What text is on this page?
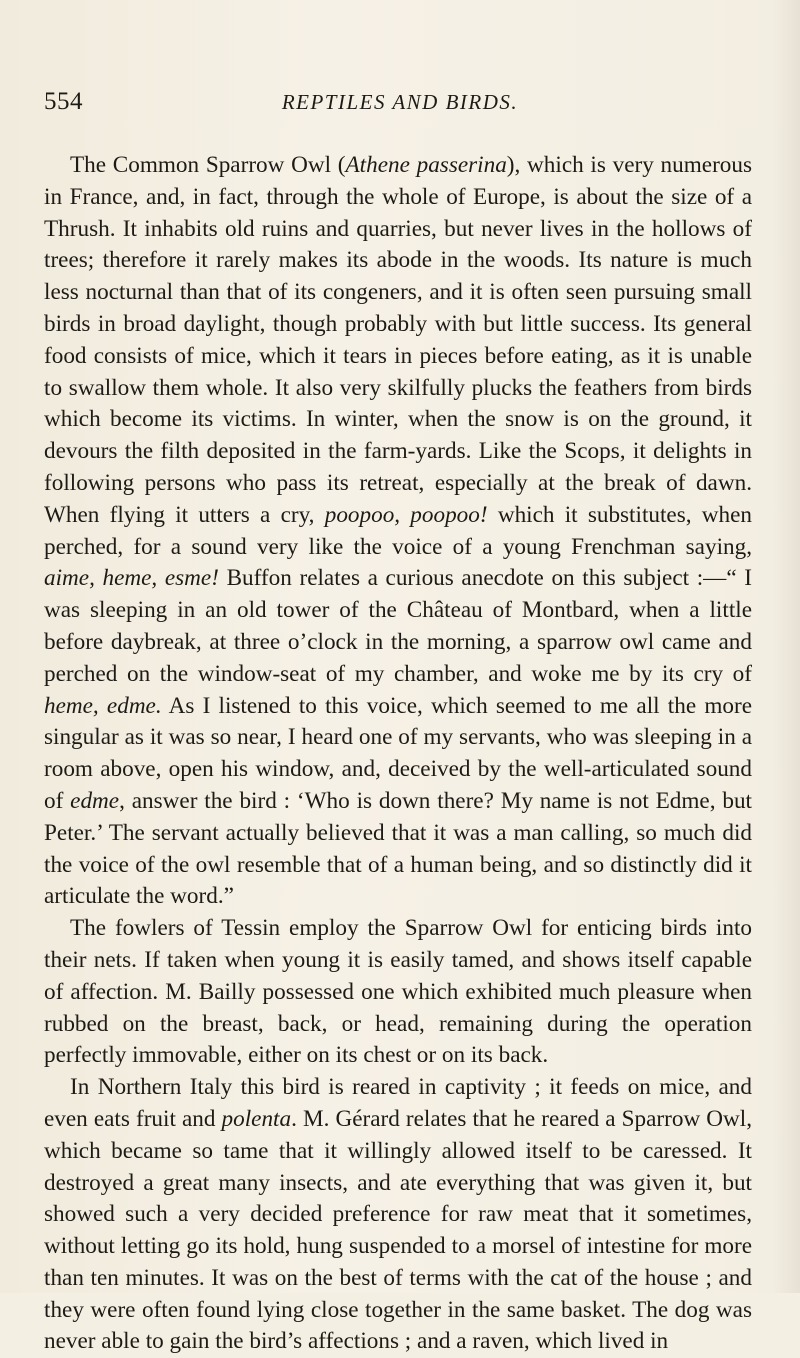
554	REPTILES AND BIRDS.

The Common Sparrow Owl (Athene passerina), which is very numerous in France, and, in fact, through the whole of Europe, is about the size of a Thrush. It inhabits old ruins and quarries, but never lives in the hollows of trees; therefore it rarely makes its abode in the woods. Its nature is much less nocturnal than that of its congeners, and it is often seen pursuing small birds in broad daylight, though probably with but little success. Its general food consists of mice, which it tears in pieces before eating, as it is unable to swallow them whole. It also very skilfully plucks the feathers from birds which become its victims. In winter, when the snow is on the ground, it devours the filth deposited in the farm-yards. Like the Scops, it delights in following persons who pass its retreat, especially at the break of dawn. When flying it utters a cry, poopoo, poopoo! which it substitutes, when perched, for a sound very like the voice of a young Frenchman saying, aime, heme, esme! Buffon relates a curious anecdote on this subject :—“ I was sleeping in an old tower of the Château of Montbard, when a little before daybreak, at three o’clock in the morning, a sparrow owl came and perched on the window-seat of my chamber, and woke me by its cry of heme, edme. As I listened to this voice, which seemed to me all the more singular as it was so near, I heard one of my servants, who was sleeping in a room above, open his window, and, deceived by the well-articulated sound of edme, answer the bird : ‘Who is down there? My name is not Edme, but Peter.’ The servant actually believed that it was a man calling, so much did the voice of the owl resemble that of a human being, and so distinctly did it articulate the word.”

The fowlers of Tessin employ the Sparrow Owl for enticing birds into their nets. If taken when young it is easily tamed, and shows itself capable of affection. M. Bailly possessed one which exhibited much pleasure when rubbed on the breast, back, or head, remaining during the operation perfectly immovable, either on its chest or on its back.

In Northern Italy this bird is reared in captivity ; it feeds on mice, and even eats fruit and polenta. M. Gérard relates that he reared a Sparrow Owl, which became so tame that it willingly allowed itself to be caressed. It destroyed a great many insects, and ate everything that was given it, but showed such a very decided preference for raw meat that it sometimes, without letting go its hold, hung suspended to a morsel of intestine for more than ten minutes. It was on the best of terms with the cat of the house ; and they were often found lying close together in the same basket. The dog was never able to gain the bird’s affections ; and a raven, which lived in
